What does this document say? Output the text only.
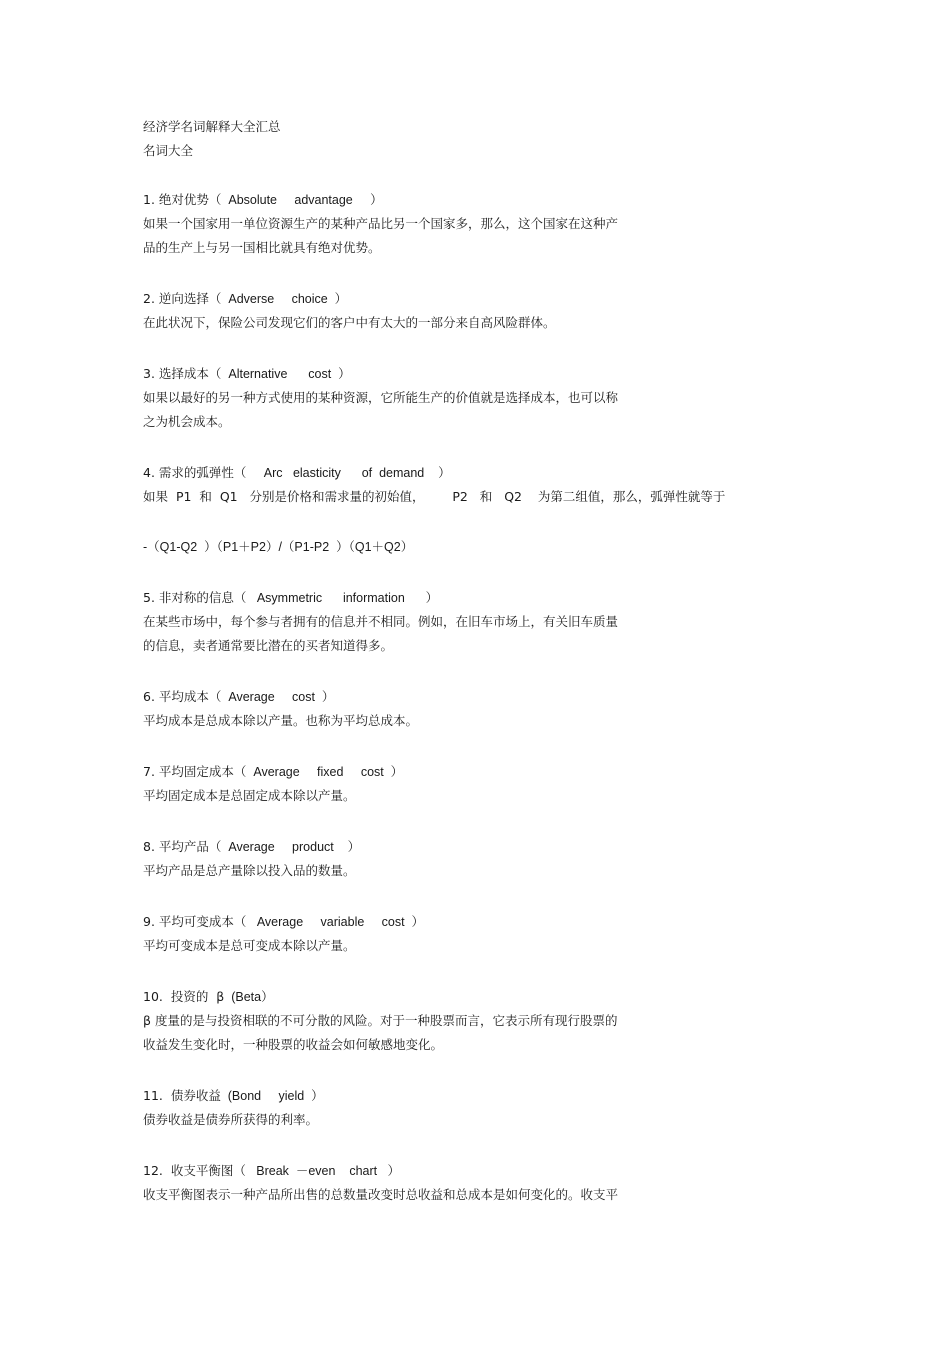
经济学名词解释大全汇总

名词大全

1. 绝对优势（  Absolute     advantage     ）

如果一个国家用一单位资源生产的某种产品比另一个国家多，那么，这个国家在这种产

品的生产上与另一国相比就具有绝对优势。

2. 逆向选择（  Adverse     choice  ）

在此状况下，保险公司发现它们的客户中有太大的一部分来自高风险群体。

3. 选择成本（  Alternative      cost  ）

如果以最好的另一种方式使用的某种资源，它所能生产的价值就是选择成本，也可以称

之为机会成本。

4. 需求的弧弹性（     Arc   elasticity      of  demand    ）

如果  P1  和  Q1   分别是价格和需求量的初始值，       P2   和   Q2    为第二组值，那么，弧弹性就等于

-（Q1-Q2  ）（P1＋P2）/（P1-P2  ）（Q1＋Q2）

5. 非对称的信息（   Asymmetric      information      ）

在某些市场中，每个参与者拥有的信息并不相同。例如，在旧车市场上，有关旧车质量

的信息，卖者通常要比潜在的买者知道得多。

6. 平均成本（  Average     cost  ）

平均成本是总成本除以产量。也称为平均总成本。

7. 平均固定成本（  Average     fixed     cost  ）

平均固定成本是总固定成本除以产量。

8. 平均产品（  Average     product    ）

平均产品是总产量除以投入品的数量。

9. 平均可变成本（   Average     variable     cost  ）

平均可变成本是总可变成本除以产量。

10.  投资的  β  (Beta）

β 度量的是与投资相联的不可分散的风险。对于一种股票而言，它表示所有现行股票的

收益发生变化时，一种股票的收益会如何敏感地变化。

11.  债券收益  (Bond     yield  ）

债券收益是债券所获得的利率。

12.  收支平衡图（   Break  －even    chart   ）

收支平衡图表示一种产品所出售的总数量改变时总收益和总成本是如何变化的。收支平
